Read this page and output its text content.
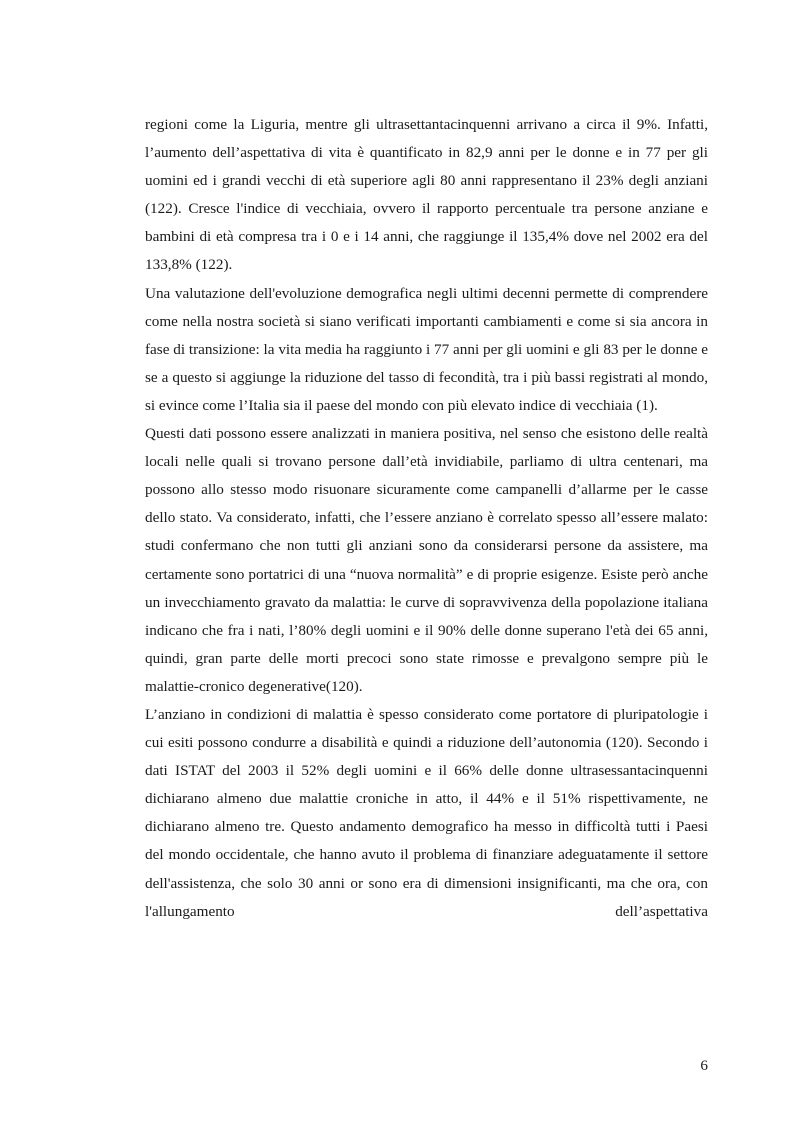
regioni come la Liguria, mentre gli ultrasettantacinquenni arrivano a circa il 9%. Infatti, l’aumento dell’aspettativa di vita è quantificato in 82,9 anni per le donne e in 77 per gli uomini ed i grandi vecchi di età superiore agli 80 anni rappresentano il 23% degli anziani (122). Cresce l'indice di vecchiaia, ovvero il rapporto percentuale tra persone anziane e bambini di età compresa tra i 0 e i 14 anni, che raggiunge il 135,4% dove nel 2002 era del 133,8% (122).

Una valutazione dell'evoluzione demografica negli ultimi decenni permette di comprendere come nella nostra società si siano verificati importanti cambiamenti e come si sia ancora in fase di transizione: la vita media ha raggiunto i 77 anni per gli uomini e gli 83 per le donne e se a questo si aggiunge la riduzione del tasso di fecondità, tra i più bassi registrati al mondo, si evince come l’Italia sia il paese del mondo con più elevato indice di vecchiaia (1).

Questi dati possono essere analizzati in maniera positiva, nel senso che esistono delle realtà locali nelle quali si trovano persone dall’età invidiabile, parliamo di ultra centenari, ma possono allo stesso modo risuonare sicuramente come campanelli d’allarme per le casse dello stato. Va considerato, infatti, che l’essere anziano è correlato spesso all’essere malato: studi confermano che non tutti gli anziani sono da considerarsi persone da assistere, ma certamente sono portatrici di una “nuova normalità” e di proprie esigenze. Esiste però anche un invecchiamento gravato da malattia: le curve di sopravvivenza della popolazione italiana indicano che fra i nati, l’80% degli uomini e il 90% delle donne superano l'età dei 65 anni, quindi, gran parte delle morti precoci sono state rimosse e prevalgono sempre più le malattie-cronico degenerative(120).

L’anziano in condizioni di malattia è spesso considerato come portatore di pluripatologie i cui esiti possono condurre a disabilità e quindi a riduzione dell’autonomia (120). Secondo i dati ISTAT del 2003 il 52% degli uomini e il 66% delle donne ultrasessantacinquenni dichiarano almeno due malattie croniche in atto, il 44% e il 51% rispettivamente, ne dichiarano almeno tre. Questo andamento demografico ha messo in difficoltà tutti i Paesi del mondo occidentale, che hanno avuto il problema di finanziare adeguatamente il settore dell'assistenza, che solo 30 anni or sono era di dimensioni insignificanti, ma che ora, con l'allungamento dell’aspettativa

6
